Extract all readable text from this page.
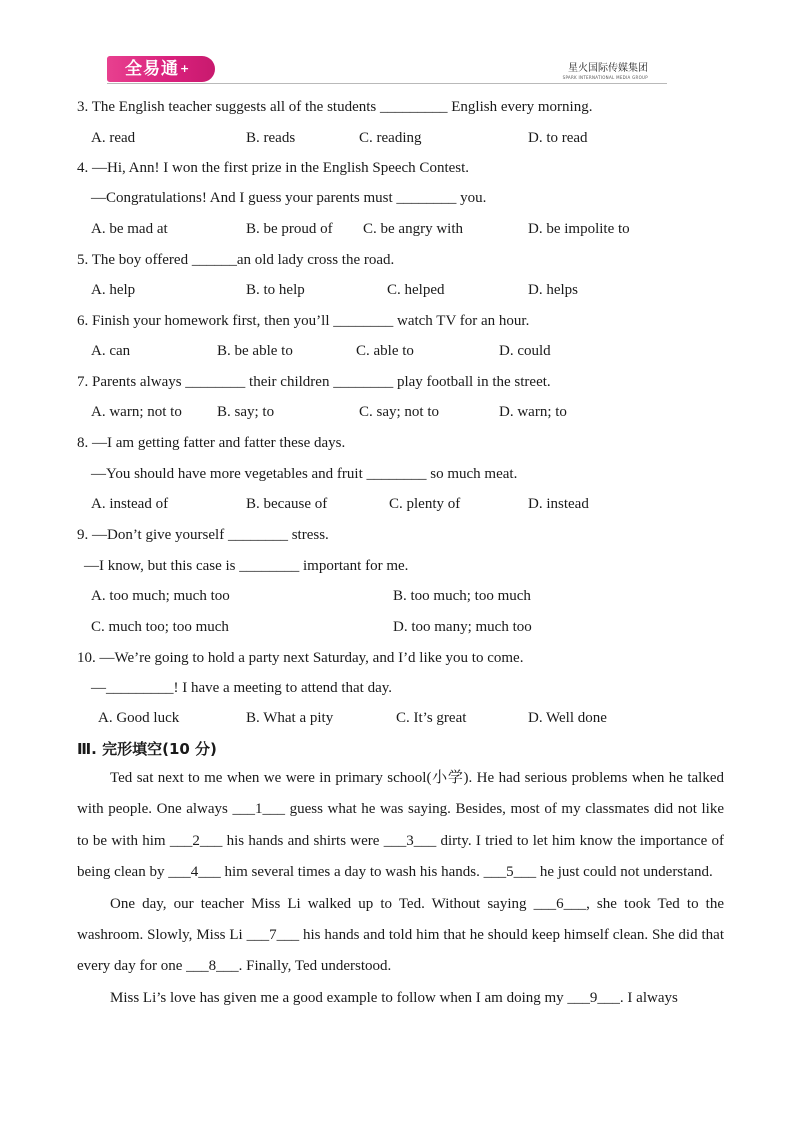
全易通+	星火国际传媒集团
SPARK INTERNATIONAL MEDIA GROUP
3. The English teacher suggests all of the students _________ English every morning.
A. read	B. reads	C. reading	D. to read
4. —Hi, Ann! I won the first prize in the English Speech Contest.
—Congratulations! And I guess your parents must ________ you.
A. be mad at	B. be proud of C. be angry with	D. be impolite to
5. The boy offered ______an old lady cross the road.
A. help	B. to help	C. helped	D. helps
6. Finish your homework first, then you’ll ________ watch TV for an hour.
A. can	B. be able to	C. able to	D. could
7. Parents always ________ their children ________ play football in the street.
A. warn; not to B. say; to	C. say; not to	D. warn; to
8. —I am getting fatter and fatter these days.
—You should have more vegetables and fruit ________ so much meat.
A. instead of	B. because of	C. plenty of	D. instead
9. —Don’t give yourself ________ stress.
—I know, but this case is ________ important for me.
A. too much; much too	B. too much; too much
C. much too; too much	D. too many; much too
10. —We’re going to hold a party next Saturday, and I’d like you to come.
—_________! I have a meeting to attend that day.
A. Good luck	B. What a pity	C. It’s great	D. Well done
Ⅲ. 完形填空(10 分)

Ted sat next to me when we were in primary school(小学). He had serious problems when he talked with people. One always ___1___ guess what he was saying. Besides, most of my classmates did not like to be with him ___2___ his hands and shirts were ___3___ dirty. I tried to let him know the importance of being clean by ___4___ him several times a day to wash his hands. ___5___ he just could not understand.

One day, our teacher Miss Li walked up to Ted. Without saying ___6___, she took Ted to the washroom. Slowly, Miss Li ___7___ his hands and told him that he should keep himself clean. She did that every day for one ___8___. Finally, Ted understood.

Miss Li’s love has given me a good example to follow when I am doing my ___9___. I always
